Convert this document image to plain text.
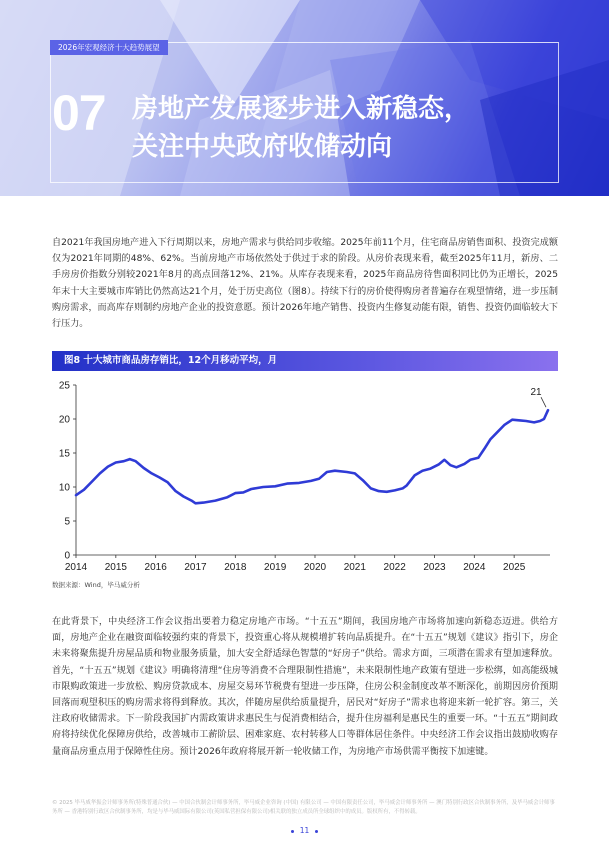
2026年宏观经济十大趋势展望
07 房地产发展逐步进入新稳态，
关注中央政府收储动向

自2021年我国房地产进入下行周期以来，房地产需求与供给同步收缩。2025年前11个月，住宅商品房销售面积、投资完成额仅为2021年同期的48%、62%。当前房地产市场依然处于供过于求的阶段。从房价表现来看，截至2025年11月，新房、二手房房价指数分别较2021年8月的高点回落12%、21%。从库存表现来看，2025年商品房待售面积同比仍为正增长，2025年末十大主要城市库销比仍然高达21个月，处于历史高位（图8）。持续下行的房价使得购房者普遍存在观望情绪，进一步压制购房需求，而高库存则制约房地产企业的投资意愿。预计2026年地产销售、投资内生修复动能有限，销售、投资仍面临较大下行压力。

图8 十大城市商品房存销比，12个月移动平均，月
0
5
10
15
20
25
2014 2015 2016 2017 2018 2019 2020 2021 2022 2023 2024 2025
21
数据来源：Wind，毕马威分析

在此背景下，中央经济工作会议指出要着力稳定房地产市场。“十五五”期间，我国房地产市场将加速向新稳态迈进。供给方面，房地产企业在融资面临较强约束的背景下，投资重心将从规模增扩转向品质提升。在“十五五”规划《建议》指引下，房企未来将聚焦提升房屋品质和物业服务质量，加大安全舒适绿色智慧的“好房子”供给。需求方面，三项潜在需求有望加速释放。首先，“十五五”规划《建议》明确将清理“住房等消费不合理限制性措施”，未来限制性地产政策有望进一步松绑，如高能级城市限购政策进一步放松、购房贷款成本、房屋交易环节税费有望进一步压降，住房公积金制度改革不断深化，前期因房价预期回落而观望积压的购房需求将得到释放。其次，伴随房屋供给质量提升，居民对“好房子”需求也将迎来新一轮扩容。第三，关注政府收储需求。下一阶段我国扩内需政策讲求惠民生与促消费相结合，提升住房福利是惠民生的重要一环。“十五五”期间政府将持续优化保障房供给，改善城市工薪阶层、困难家庭、农村转移人口等群体居住条件。中央经济工作会议指出鼓励收购存量商品房重点用于保障性住房。预计2026年政府将展开新一轮收储工作，为房地产市场供需平衡按下加速键。

© 2025 毕马威华振会计师事务所(特殊普通合伙) — 中国合伙制会计师事务所，毕马威企业咨询 (中国) 有限公司 — 中国有限责任公司，毕马威会计师事务所 — 澳门特别行政区合伙制事务所，及毕马威会计师事务所 — 香港特别行政区合伙制事务所，均是与毕马威国际有限公司(英国私营担保有限公司)相关联的独立成员所全球组织中的成员。版权所有，不得转载。
11
